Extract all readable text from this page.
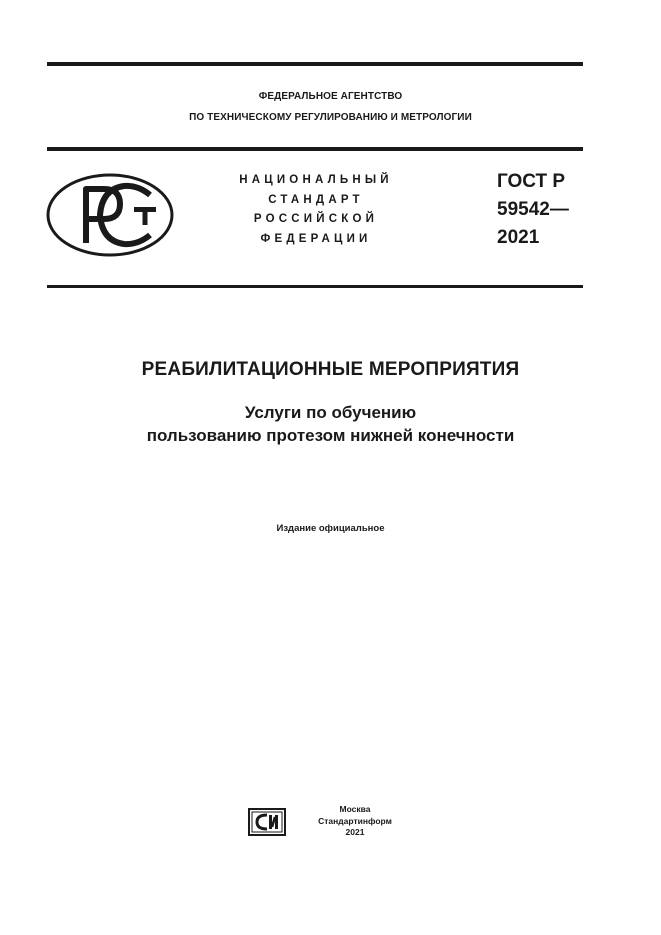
ФЕДЕРАЛЬНОЕ АГЕНТСТВО
ПО ТЕХНИЧЕСКОМУ РЕГУЛИРОВАНИЮ И МЕТРОЛОГИИ
НАЦИОНАЛЬНЫЙ
СТАНДАРТ
РОССИЙСКОЙ
ФЕДЕРАЦИИ
ГОСТ Р
59542—
2021
РЕАБИЛИТАЦИОННЫЕ МЕРОПРИЯТИЯ
Услуги по обучению
пользованию протезом нижней конечности
Издание официальное
Москва
Стандартинформ
2021
